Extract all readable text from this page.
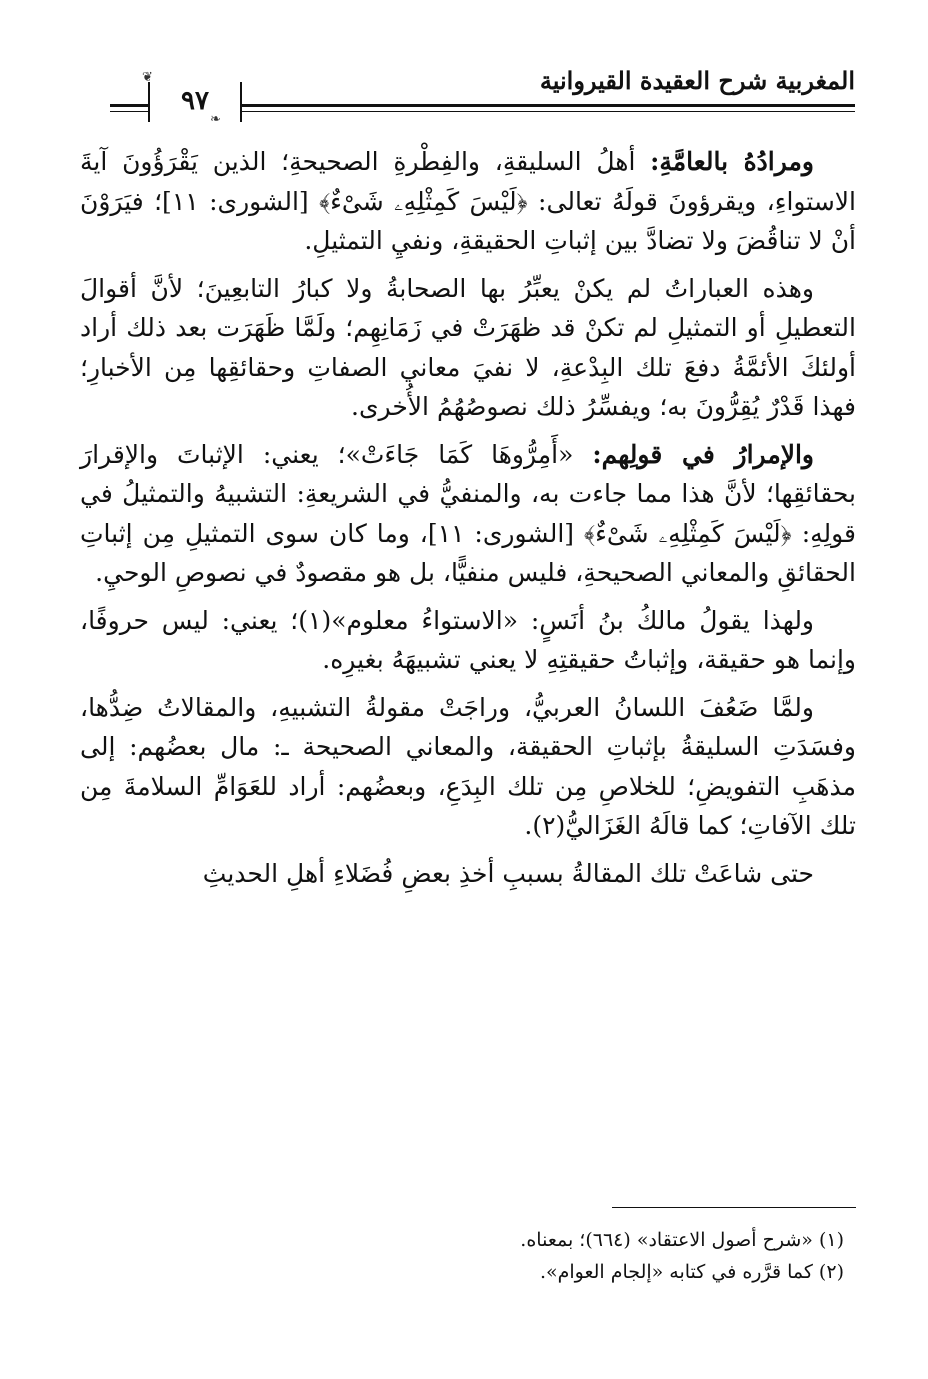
المغربية شرح العقيدة القيروانية
٩٧
❦
❧

ومرادُهُ بالعامَّةِ: أهلُ السليقةِ، والفِطْرةِ الصحيحةِ؛ الذين يَقْرَؤُونَ آيةَ الاستواءِ، ويقرؤونَ قولَهُ تعالى: ﴿لَيْسَ كَمِثْلِهِۦ شَىْءٌ﴾ [الشورى: ١١]؛ فيَرَوْنَ أنْ لا تناقُضَ ولا تضادَّ بين إثباتِ الحقيقةِ، ونفيِ التمثيلِ.

وهذه العباراتُ لم يكنْ يعبِّرُ بها الصحابةُ ولا كبارُ التابعِينَ؛ لأنَّ أقوالَ التعطيلِ أو التمثيلِ لم تكنْ قد ظهَرَتْ في زَمَانِهِم؛ ولَمَّا ظَهَرَت بعد ذلك أراد أولئكَ الأئمَّةُ دفعَ تلك البِدْعةِ، لا نفيَ معاني الصفاتِ وحقائقِها مِن الأخبارِ؛ فهذا قَدْرٌ يُقِرُّونَ به؛ ويفسِّرُ ذلك نصوصُهُمُ الأُخرى.

والإمرارُ في قولِهم: «أَمِرُّوهَا كَمَا جَاءَتْ»؛ يعني: الإثباتَ والإقرارَ بحقائقِها؛ لأنَّ هذا مما جاءت به، والمنفيُّ في الشريعةِ: التشبيهُ والتمثيلُ في قولِهِ: ﴿لَيْسَ كَمِثْلِهِۦ شَىْءٌ﴾ [الشورى: ١١]، وما كان سوى التمثيلِ مِن إثباتِ الحقائقِ والمعاني الصحيحةِ، فليس منفيًّا، بل هو مقصودٌ في نصوصِ الوحيِ.

ولهذا يقولُ مالكُ بنُ أنَسٍ: «الاستواءُ معلوم»(١)؛ يعني: ليس حروفًا، وإنما هو حقيقة، وإثباتُ حقيقتِهِ لا يعني تشبيهَهُ بغيرِه.

ولمَّا ضَعُفَ اللسانُ العربيُّ، وراجَتْ مقولةُ التشبيهِ، والمقالاتُ ضِدُّها، وفسَدَتِ السليقةُ بإثباتِ الحقيقة، والمعاني الصحيحة ـ: مال بعضُهم: إلى مذهَبِ التفويضِ؛ للخلاصِ مِن تلك البِدَعِ، وبعضُهم: أراد للعَوَامِّ السلامةَ مِن تلك الآفاتِ؛ كما قالَهُ الغَزَاليُّ(٢).

حتى شاعَتْ تلك المقالةُ بسببِ أخذِ بعضِ فُضَلاءِ أهلِ الحديثِ

(١) «شرح أصول الاعتقاد» (٦٦٤)؛ بمعناه.

(٢) كما قرَّره في كتابه «إلجام العوام».
